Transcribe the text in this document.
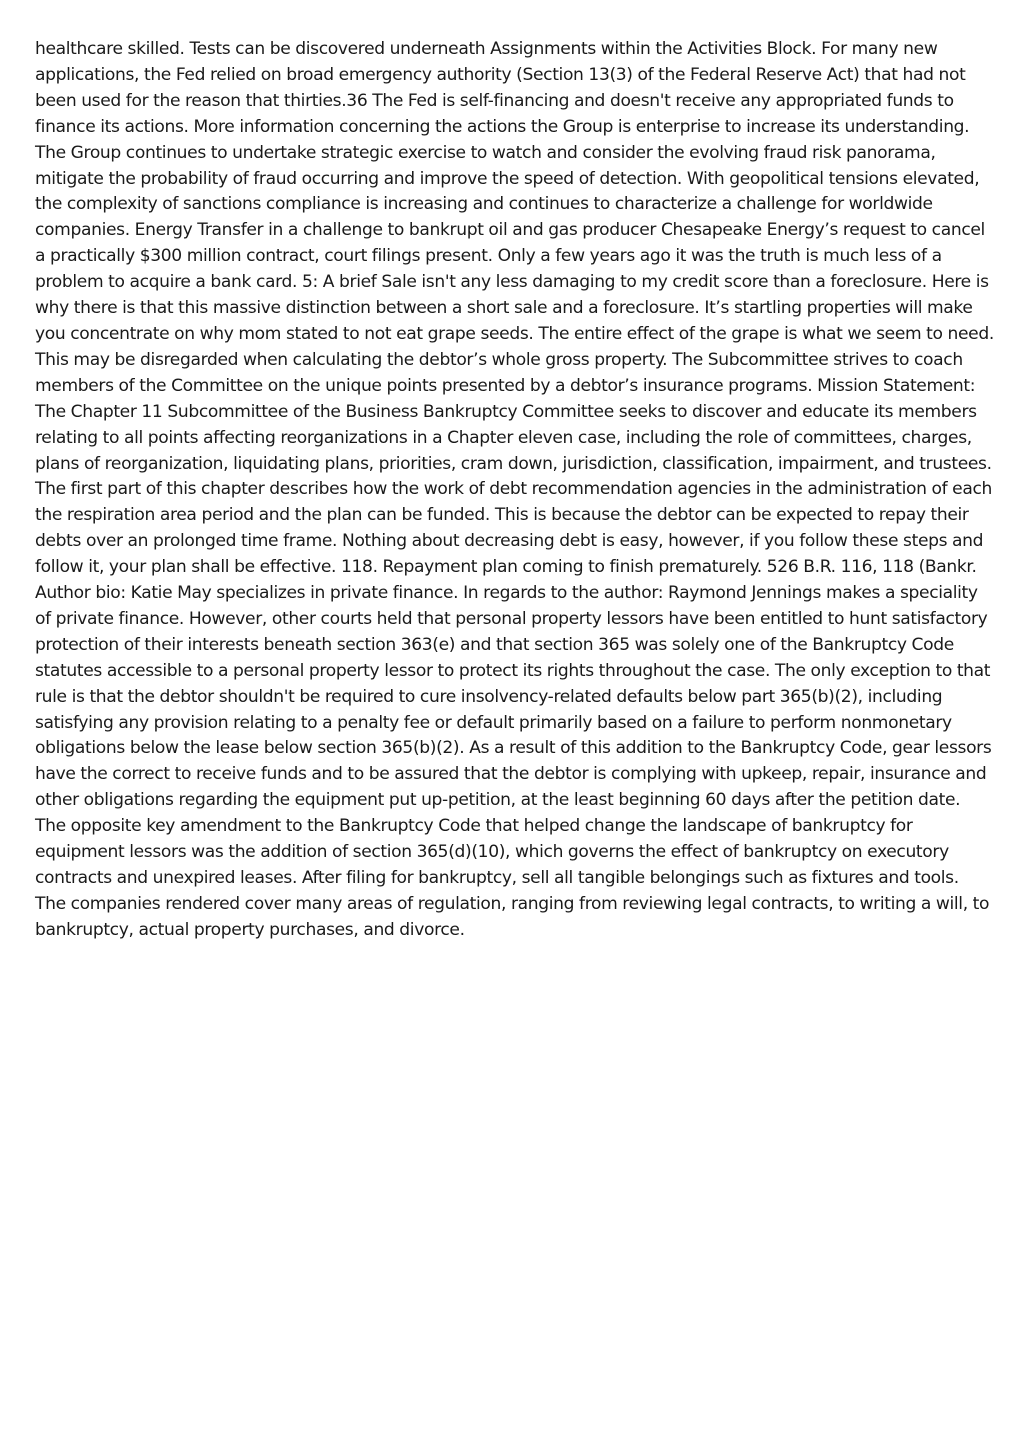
healthcare skilled. Tests can be discovered underneath Assignments within the Activities Block. For many new applications, the Fed relied on broad emergency authority (Section 13(3) of the Federal Reserve Act) that had not been used for the reason that thirties.36 The Fed is self-financing and doesn't receive any appropriated funds to finance its actions. More information concerning the actions the Group is enterprise to increase its understanding. The Group continues to undertake strategic exercise to watch and consider the evolving fraud risk panorama, mitigate the probability of fraud occurring and improve the speed of detection. With geopolitical tensions elevated, the complexity of sanctions compliance is increasing and continues to characterize a challenge for worldwide companies. Energy Transfer in a challenge to bankrupt oil and gas producer Chesapeake Energy’s request to cancel a practically $300 million contract, court filings present. Only a few years ago it was the truth is much less of a problem to acquire a bank card. 5: A brief Sale isn't any less damaging to my credit score than a foreclosure. Here is why there is that this massive distinction between a short sale and a foreclosure. It’s startling properties will make you concentrate on why mom stated to not eat grape seeds. The entire effect of the grape is what we seem to need. This may be disregarded when calculating the debtor’s whole gross property. The Subcommittee strives to coach members of the Committee on the unique points presented by a debtor’s insurance programs. Mission Statement: The Chapter 11 Subcommittee of the Business Bankruptcy Committee seeks to discover and educate its members relating to all points affecting reorganizations in a Chapter eleven case, including the role of committees, charges, plans of reorganization, liquidating plans, priorities, cram down, jurisdiction, classification, impairment, and trustees. The first part of this chapter describes how the work of debt recommendation agencies in the administration of each the respiration area period and the plan can be funded. This is because the debtor can be expected to repay their debts over an prolonged time frame. Nothing about decreasing debt is easy, however, if you follow these steps and follow it, your plan shall be effective. 118. Repayment plan coming to finish prematurely. 526 B.R. 116, 118 (Bankr. Author bio: Katie May specializes in private finance. In regards to the author: Raymond Jennings makes a speciality of private finance. However, other courts held that personal property lessors have been entitled to hunt satisfactory protection of their interests beneath section 363(e) and that section 365 was solely one of the Bankruptcy Code statutes accessible to a personal property lessor to protect its rights throughout the case. The only exception to that rule is that the debtor shouldn't be required to cure insolvency-related defaults below part 365(b)(2), including satisfying any provision relating to a penalty fee or default primarily based on a failure to perform nonmonetary obligations below the lease below section 365(b)(2). As a result of this addition to the Bankruptcy Code, gear lessors have the correct to receive funds and to be assured that the debtor is complying with upkeep, repair, insurance and other obligations regarding the equipment put up-petition, at the least beginning 60 days after the petition date. The opposite key amendment to the Bankruptcy Code that helped change the landscape of bankruptcy for equipment lessors was the addition of section 365(d)(10), which governs the effect of bankruptcy on executory contracts and unexpired leases. After filing for bankruptcy, sell all tangible belongings such as fixtures and tools. The companies rendered cover many areas of regulation, ranging from reviewing legal contracts, to writing a will, to bankruptcy, actual property purchases, and divorce.
